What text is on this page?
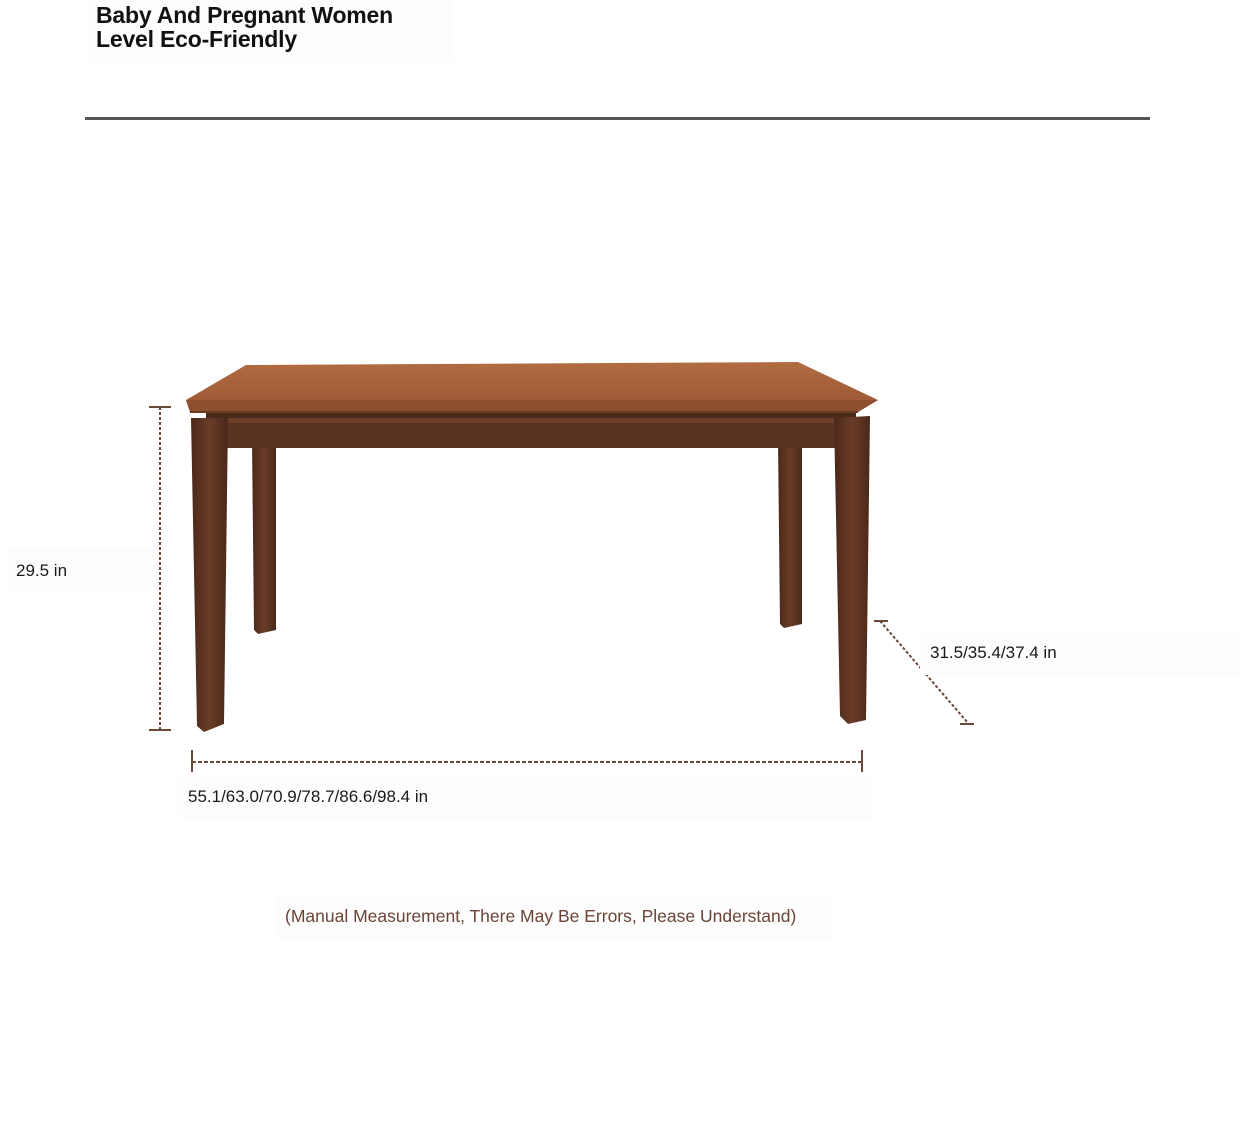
Baby And Pregnant Women
Level Eco-Friendly
29.5 in
31.5/35.4/37.4 in
55.1/63.0/70.9/78.7/86.6/98.4 in
(Manual Measurement, There May Be Errors, Please Understand)
